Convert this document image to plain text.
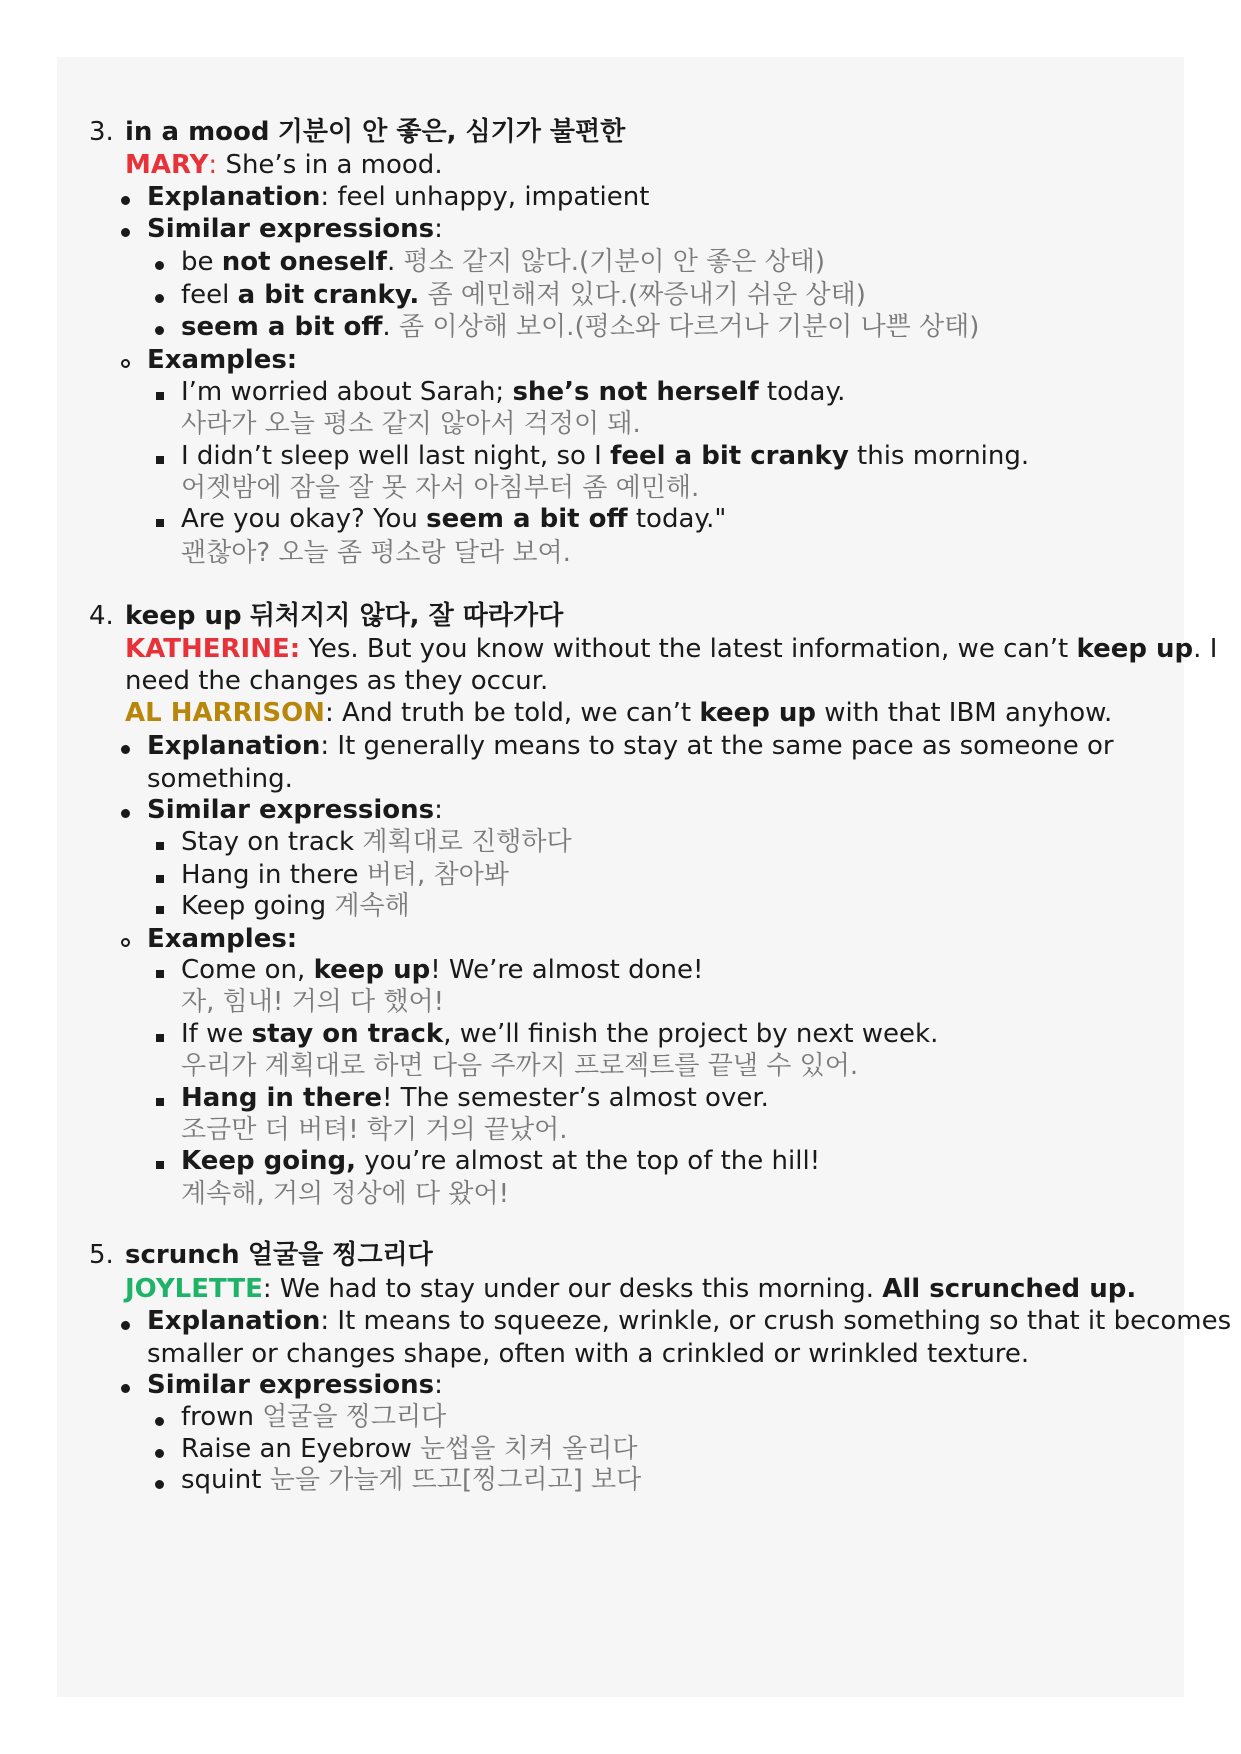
3. in a mood 기분이 안 좋은, 심기가 불편한
MARY: She’s in a mood.
Explanation: feel unhappy, impatient
Similar expressions:
be not oneself. 평소 같지 않다.(기분이 안 좋은 상태)
feel a bit cranky. 좀 예민해져 있다.(짜증내기 쉬운 상태)
seem a bit off. 좀 이상해 보이.(평소와 다르거나 기분이 나쁜 상태)
Examples:
I’m worried about Sarah; she’s not herself today.
사라가 오늘 평소 같지 않아서 걱정이 돼.
I didn’t sleep well last night, so I feel a bit cranky this morning.
어젯밤에 잠을 잘 못 자서 아침부터 좀 예민해.
Are you okay? You seem a bit off today."
괜찮아? 오늘 좀 평소랑 달라 보여.
4. keep up 뒤처지지 않다, 잘 따라가다
KATHERINE: Yes. But you know without the latest information, we can’t keep up. I
need the changes as they occur.
AL HARRISON: And truth be told, we can’t keep up with that IBM anyhow.
Explanation: It generally means to stay at the same pace as someone or
something.
Similar expressions:
Stay on track 계획대로 진행하다
Hang in there 버텨, 참아봐
Keep going 계속해
Examples:
Come on, keep up! We’re almost done!
자, 힘내! 거의 다 했어!
If we stay on track, we’ll finish the project by next week.
우리가 계획대로 하면 다음 주까지 프로젝트를 끝낼 수 있어.
Hang in there! The semester’s almost over.
조금만 더 버텨! 학기 거의 끝났어.
Keep going, you’re almost at the top of the hill!
계속해, 거의 정상에 다 왔어!
5. scrunch 얼굴을 찡그리다
JOYLETTE: We had to stay under our desks this morning. All scrunched up.
Explanation: It means to squeeze, wrinkle, or crush something so that it becomes
smaller or changes shape, often with a crinkled or wrinkled texture.
Similar expressions:
frown 얼굴을 찡그리다
Raise an Eyebrow 눈썹을 치켜 올리다
squint 눈을 가늘게 뜨고[찡그리고] 보다
